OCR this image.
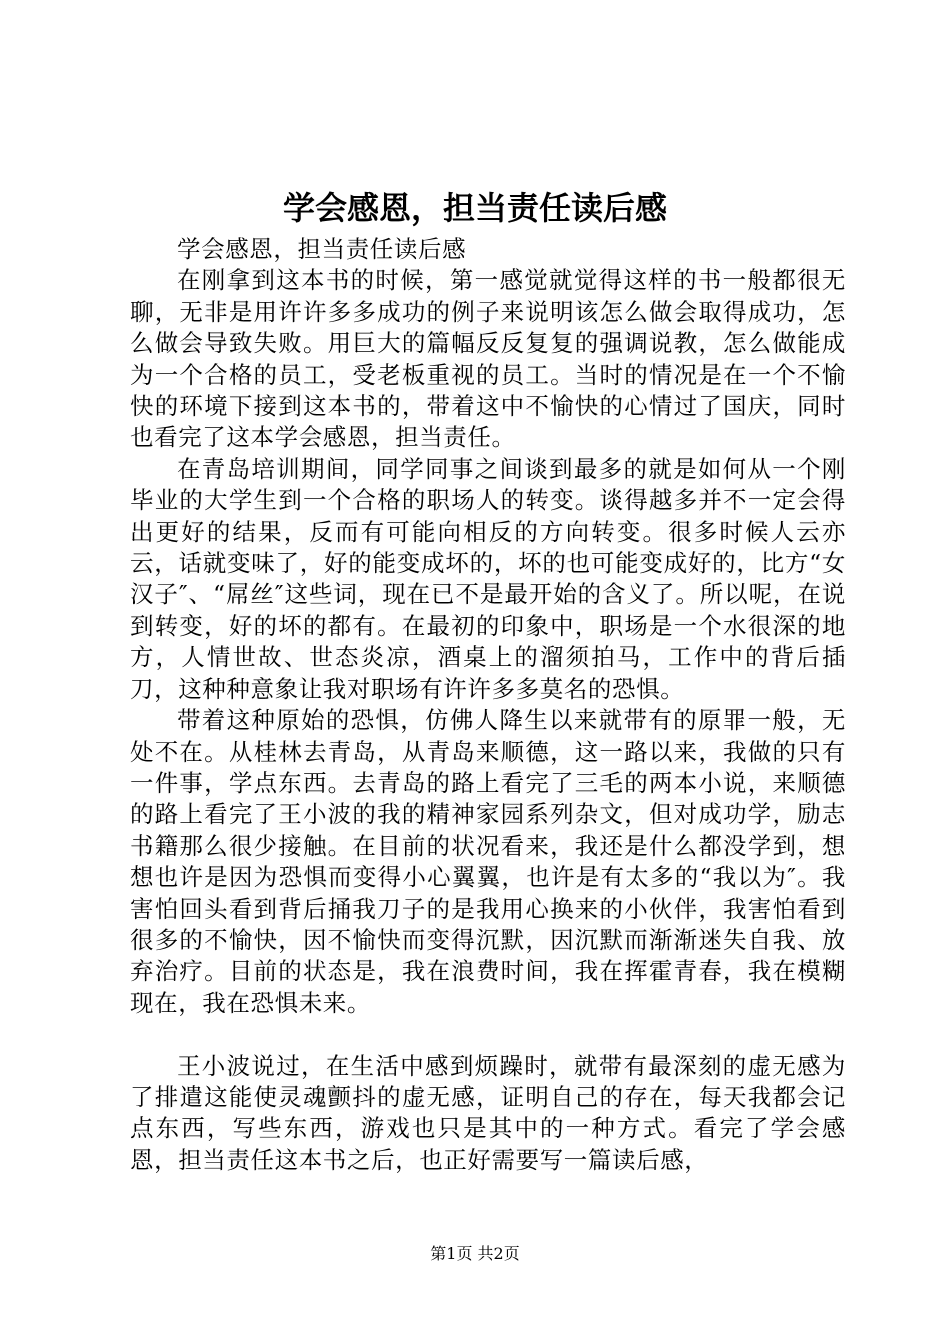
学会感恩，担当责任读后感

学会感恩，担当责任读后感

在刚拿到这本书的时候，第一感觉就觉得这样的书一般都很无聊，无非是用许许多多成功的例子来说明该怎么做会取得成功，怎么做会导致失败。用巨大的篇幅反反复复的强调说教，怎么做能成为一个合格的员工，受老板重视的员工。当时的情况是在一个不愉快的环境下接到这本书的，带着这中不愉快的心情过了国庆，同时也看完了这本学会感恩，担当责任。

在青岛培训期间，同学同事之间谈到最多的就是如何从一个刚毕业的大学生到一个合格的职场人的转变。谈得越多并不一定会得出更好的结果，反而有可能向相反的方向转变。很多时候人云亦云，话就变味了，好的能变成坏的，坏的也可能变成好的，比方“女汉子″、“屌丝″这些词，现在已不是最开始的含义了。所以呢，在说到转变，好的坏的都有。在最初的印象中，职场是一个水很深的地方，人情世故、世态炎凉，酒桌上的溜须拍马，工作中的背后插刀，这种种意象让我对职场有许许多多莫名的恐惧。

带着这种原始的恐惧，仿佛人降生以来就带有的原罪一般，无处不在。从桂林去青岛，从青岛来顺德，这一路以来，我做的只有一件事，学点东西。去青岛的路上看完了三毛的两本小说，来顺德的路上看完了王小波的我的精神家园系列杂文，但对成功学，励志书籍那么很少接触。在目前的状况看来，我还是什么都没学到，想想也许是因为恐惧而变得小心翼翼，也许是有太多的“我以为″。我害怕回头看到背后捅我刀子的是我用心换来的小伙伴，我害怕看到很多的不愉快，因不愉快而变得沉默，因沉默而渐渐迷失自我、放弃治疗。目前的状态是，我在浪费时间，我在挥霍青春，我在模糊现在，我在恐惧未来。

王小波说过，在生活中感到烦躁时，就带有最深刻的虚无感为了排遣这能使灵魂颤抖的虚无感，证明自己的存在，每天我都会记点东西，写些东西，游戏也只是其中的一种方式。看完了学会感恩，担当责任这本书之后，也正好需要写一篇读后感，

第1页 共2页
